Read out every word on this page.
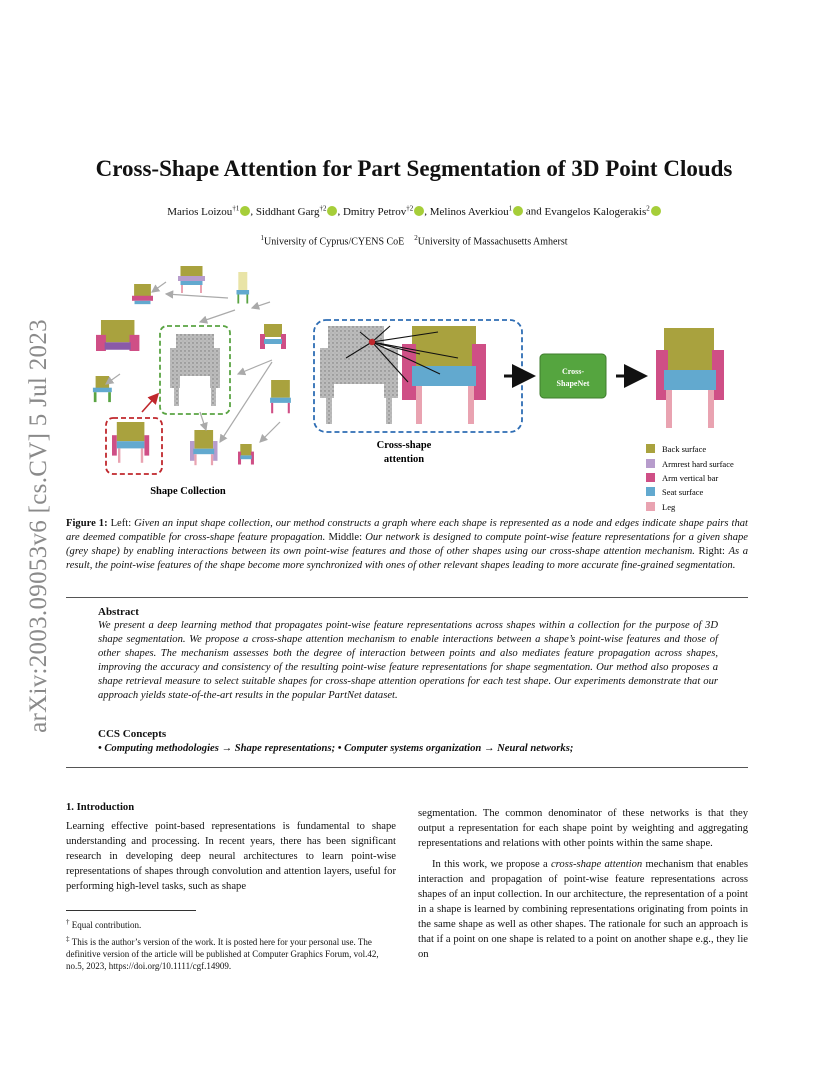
arXiv:2003.09053v6 [cs.CV] 5 Jul 2023
Cross-Shape Attention for Part Segmentation of 3D Point Clouds
Marios Loizou$^{\dagger 1}$ , Siddhant Garg$^{\dagger 2}$ , Dmitry Petrov$^{\dagger 2}$ , Melinos Averkiou$^1$ and Evangelos Kalogerakis$^2$
$^1$University of Cyprus/CYENS CoE $^2$University of Massachusetts Amherst
Shape Collection
Cross-shape
attention
Cross-
ShapeNet
Back surface
Armrest hard surface
Arm vertical bar
Seat surface
Leg
Figure 1: Left: Given an input shape collection, our method constructs a graph where each shape is represented as a node and edges indicate shape pairs that are deemed compatible for cross-shape feature propagation. Middle: Our network is designed to compute point-wise feature representations for a given shape (grey shape) by enabling interactions between its own point-wise features and those of other shapes using our cross-shape attention mechanism. Right: As a result, the point-wise features of the shape become more synchronized with ones of other relevant shapes leading to more accurate fine-grained segmentation.
Abstract
We present a deep learning method that propagates point-wise feature representations across shapes within a collection for the purpose of 3D shape segmentation. We propose a cross-shape attention mechanism to enable interactions between a shape’s point-wise features and those of other shapes. The mechanism assesses both the degree of interaction between points and also mediates feature propagation across shapes, improving the accuracy and consistency of the resulting point-wise feature representations for shape segmentation. Our method also proposes a shape retrieval measure to select suitable shapes for cross-shape attention operations for each test shape. Our experiments demonstrate that our approach yields state-of-the-art results in the popular PartNet dataset.
CCS Concepts
• Computing methodologies → Shape representations; • Computer systems organization → Neural networks;

1. Introduction

Learning effective point-based representations is fundamental to shape understanding and processing. In recent years, there has been significant research in developing deep neural architectures to learn point-wise representations of shapes through convolution and attention layers, useful for performing high-level tasks, such as shape

† Equal contribution.

‡ This is the author’s version of the work. It is posted here for your personal use. The definitive version of the article will be published at Computer Graphics Forum, vol.42, no.5, 2023, https://doi.org/10.1111/cgf.14909.

segmentation. The common denominator of these networks is that they output a representation for each shape point by weighting and aggregating representations and relations with other points within the same shape.

In this work, we propose a cross-shape attention mechanism that enables interaction and propagation of point-wise feature representations across shapes of an input collection. In our architecture, the representation of a point in a shape is learned by combining representations originating from points in the same shape as well as other shapes. The rationale for such an approach is that if a point on one shape is related to a point on another shape e.g., they lie on
